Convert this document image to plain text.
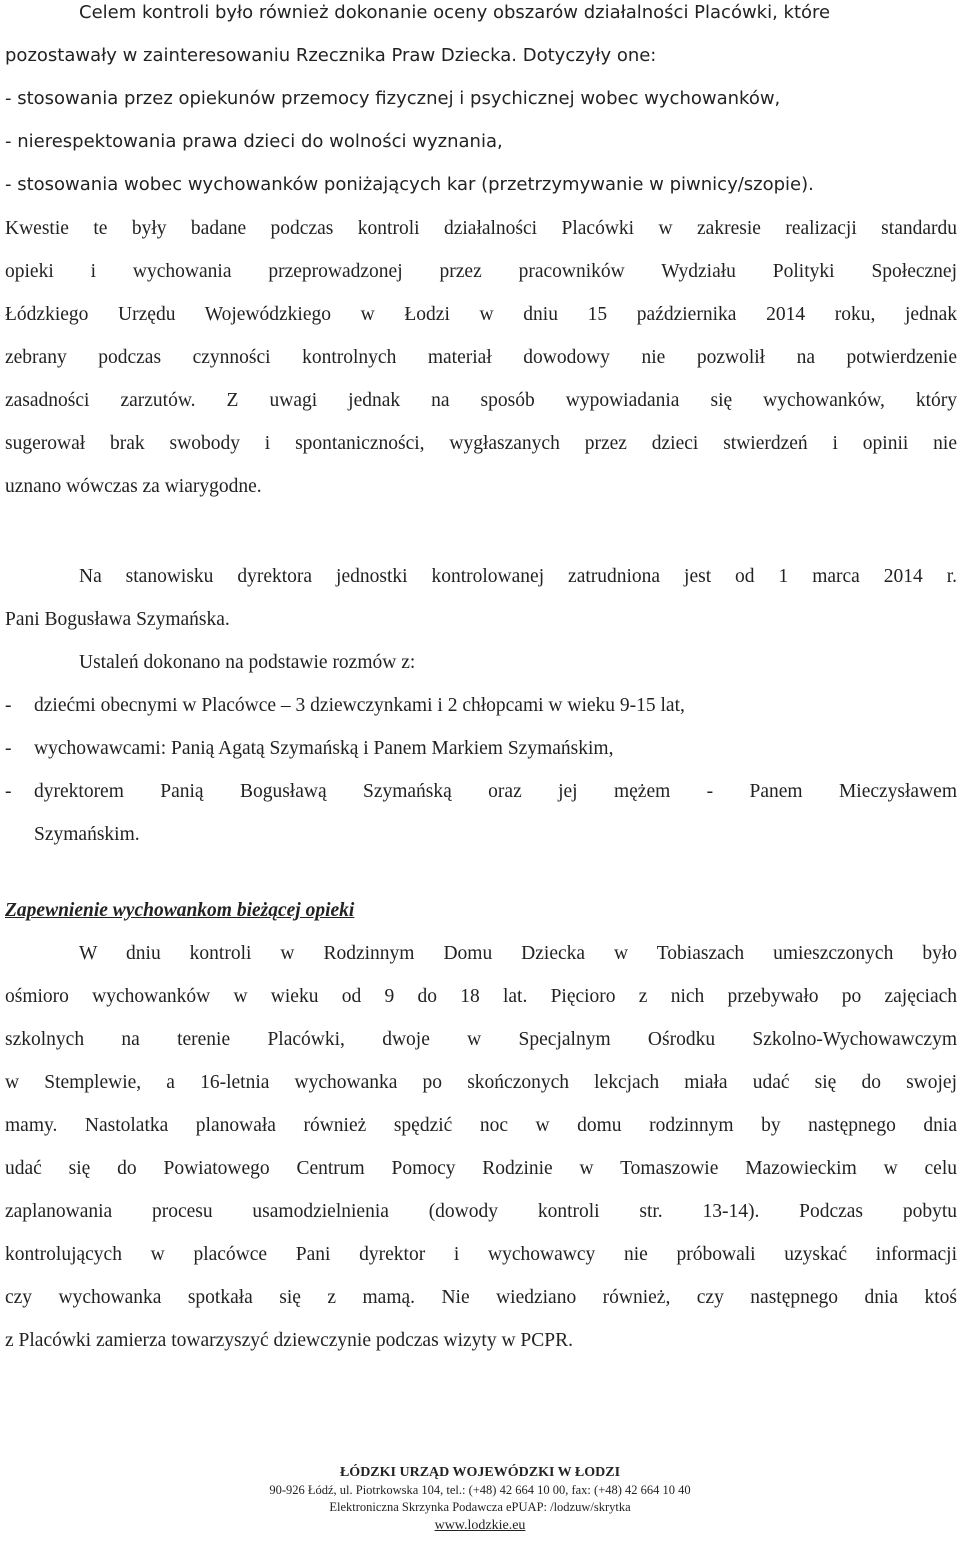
Celem kontroli było również dokonanie oceny obszarów działalności Placówki, które
pozostawały w zainteresowaniu Rzecznika Praw Dziecka. Dotyczyły one:
- stosowania przez opiekunów przemocy fizycznej i psychicznej wobec wychowanków,
- nierespektowania prawa dzieci do wolności wyznania,
- stosowania wobec wychowanków poniżających kar (przetrzymywanie w piwnicy/szopie).
Kwestie te były badane podczas kontroli działalności Placówki w zakresie realizacji standardu
opieki i wychowania przeprowadzonej przez pracowników Wydziału Polityki Społecznej
Łódzkiego Urzędu Wojewódzkiego w Łodzi w dniu 15 października 2014 roku, jednak
zebrany podczas czynności kontrolnych materiał dowodowy nie pozwolił na potwierdzenie
zasadności zarzutów. Z uwagi jednak na sposób wypowiadania się wychowanków, który
sugerował brak swobody i spontaniczności, wygłaszanych przez dzieci stwierdzeń i opinii nie
uznano wówczas za wiarygodne.
Na stanowisku dyrektora jednostki kontrolowanej zatrudniona jest od 1 marca 2014 r.
Pani Bogusława Szymańska.
Ustaleń dokonano na podstawie rozmów z:
- dziećmi obecnymi w Placówce – 3 dziewczynkami i 2 chłopcami w wieku 9-15 lat,
- wychowawcami: Panią Agatą Szymańską i Panem Markiem Szymańskim,
- dyrektorem Panią Bogusławą Szymańską oraz jej mężem - Panem Mieczysławem
Szymańskim.
Zapewnienie wychowankom bieżącej opieki
W dniu kontroli w Rodzinnym Domu Dziecka w Tobiaszach umieszczonych było
ośmioro wychowanków w wieku od 9 do 18 lat. Pięcioro z nich przebywało po zajęciach
szkolnych na terenie Placówki, dwoje w Specjalnym Ośrodku Szkolno-Wychowawczym
w Stemplewie, a 16-letnia wychowanka po skończonych lekcjach miała udać się do swojej
mamy. Nastolatka planowała również spędzić noc w domu rodzinnym by następnego dnia
udać się do Powiatowego Centrum Pomocy Rodzinie w Tomaszowie Mazowieckim w celu
zaplanowania procesu usamodzielnienia (dowody kontroli str. 13-14). Podczas pobytu
kontrolujących w placówce Pani dyrektor i wychowawcy nie próbowali uzyskać informacji
czy wychowanka spotkała się z mamą. Nie wiedziano również, czy następnego dnia ktoś
z Placówki zamierza towarzyszyć dziewczynie podczas wizyty w PCPR.
ŁÓDZKI URZĄD WOJEWÓDZKI W ŁODZI
90-926 Łódź, ul. Piotrkowska 104, tel.: (+48) 42 664 10 00, fax: (+48) 42 664 10 40
Elektroniczna Skrzynka Podawcza ePUAP: /lodzuw/skrytka
www.lodzkie.eu
